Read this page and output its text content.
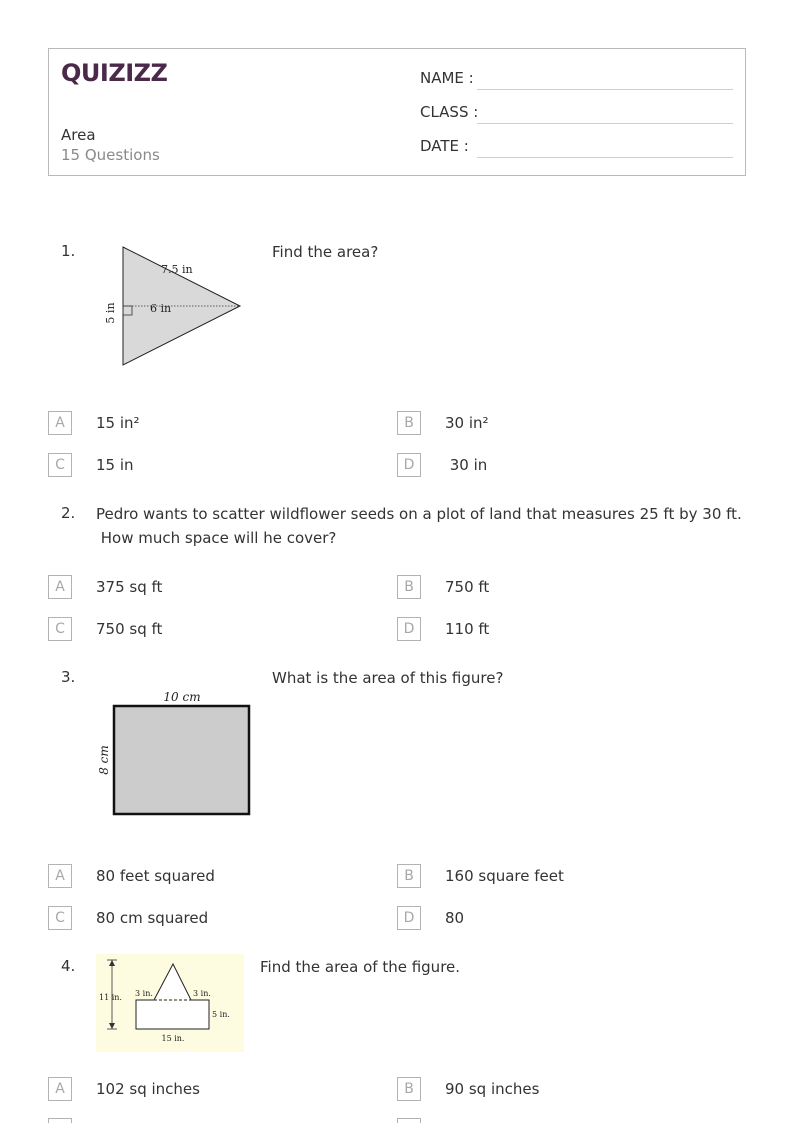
QUIZIZZ
Area
15 Questions
NAME :
CLASS :
DATE :
1.
7.5 in
6 in
5 in
Find the area?
A	15 in²	B	30 in²
C	15 in	D	30 in
2. Pedro wants to scatter wildflower seeds on a plot of land that measures 25 ft by 30 ft.
How much space will he cover?
A	375 sq ft	B	750 ft
C	750 sq ft	D	110 ft
3.
10 cm
8 cm
What is the area of this figure?
A	80 feet squared	B	160 square feet
C	80 cm squared	D	80
4.
11 in. 3 in.	3 in.
5 in.
15 in.
Find the area of the figure.
A	102 sq inches	B	90 sq inches
